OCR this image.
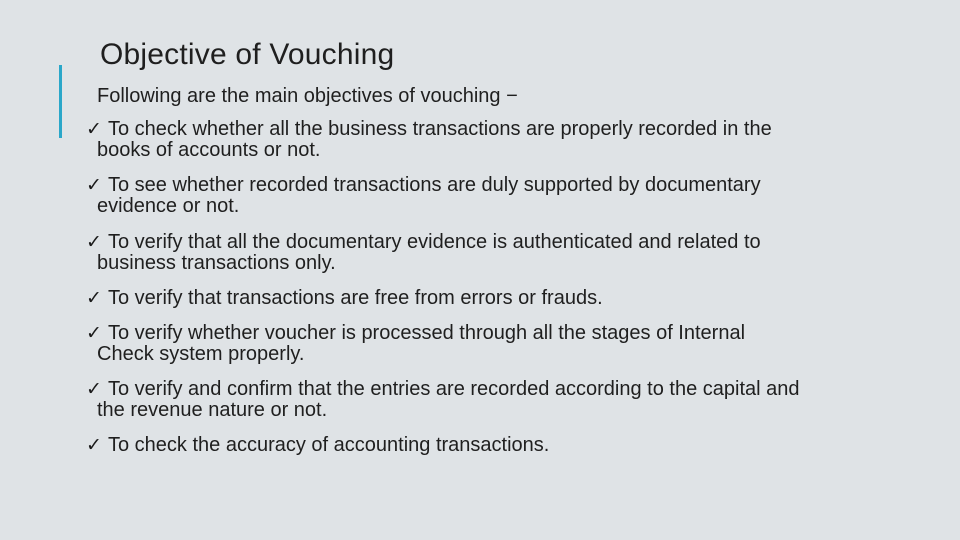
Objective of Vouching

Following are the main objectives of vouching −

✓ To check whether all the business transactions are properly recorded in the
books of accounts or not.
✓ To see whether recorded transactions are duly supported by documentary
evidence or not.
✓ To verify that all the documentary evidence is authenticated and related to
business transactions only.
✓ To verify that transactions are free from errors or frauds.
✓ To verify whether voucher is processed through all the stages of Internal
Check system properly.
✓ To verify and confirm that the entries are recorded according to the capital and
the revenue nature or not.
✓ To check the accuracy of accounting transactions.
